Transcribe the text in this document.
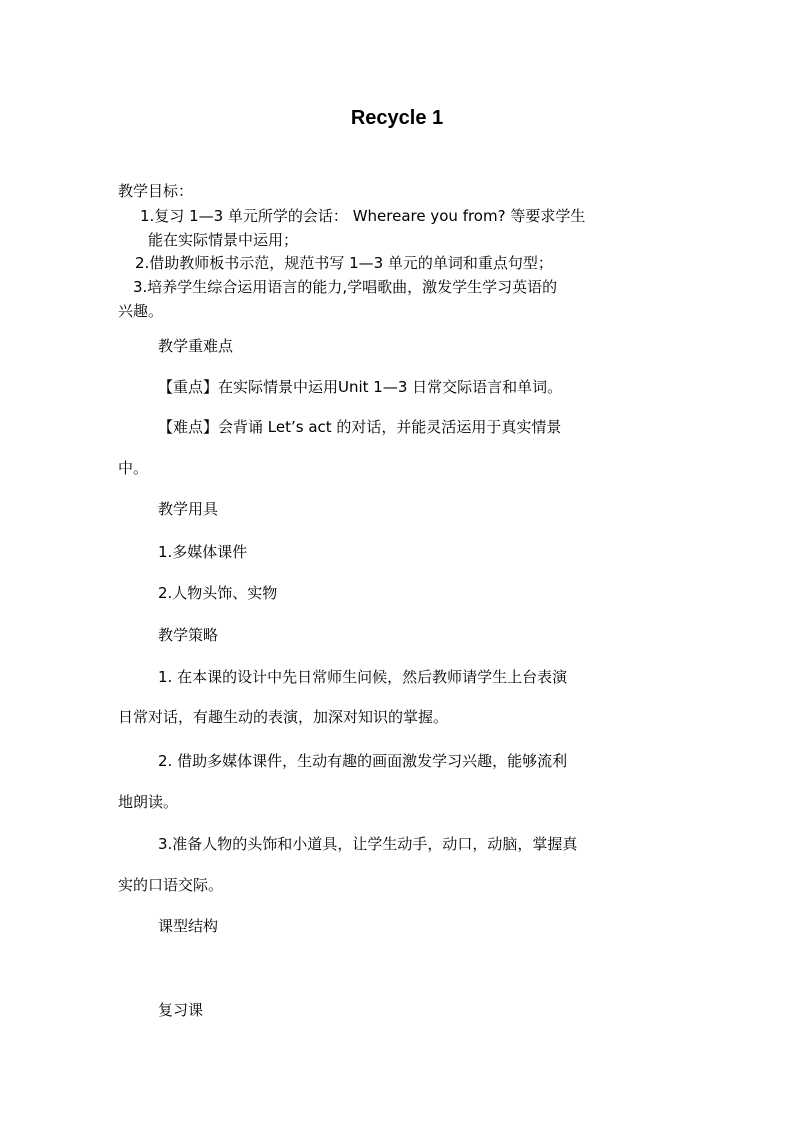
Recycle 1
教学目标：
1.复习 1—3 单元所学的会话： Whereare you from? 等要求学生
能在实际情景中运用；
2.借助教师板书示范，规范书写 1—3 单元的单词和重点句型；
3.培养学生综合运用语言的能力,学唱歌曲，激发学生学习英语的
兴趣。
教学重难点
【重点】在实际情景中运用Unit 1—3 日常交际语言和单词。
【难点】会背诵 Let’s act 的对话，并能灵活运用于真实情景
中。
教学用具
1.多媒体课件
2.人物头饰、实物
教学策略
1. 在本课的设计中先日常师生问候，然后教师请学生上台表演
日常对话，有趣生动的表演，加深对知识的掌握。
2. 借助多媒体课件，生动有趣的画面激发学习兴趣，能够流利
地朗读。
3.准备人物的头饰和小道具，让学生动手，动口，动脑，掌握真
实的口语交际。
课型结构
复习课
